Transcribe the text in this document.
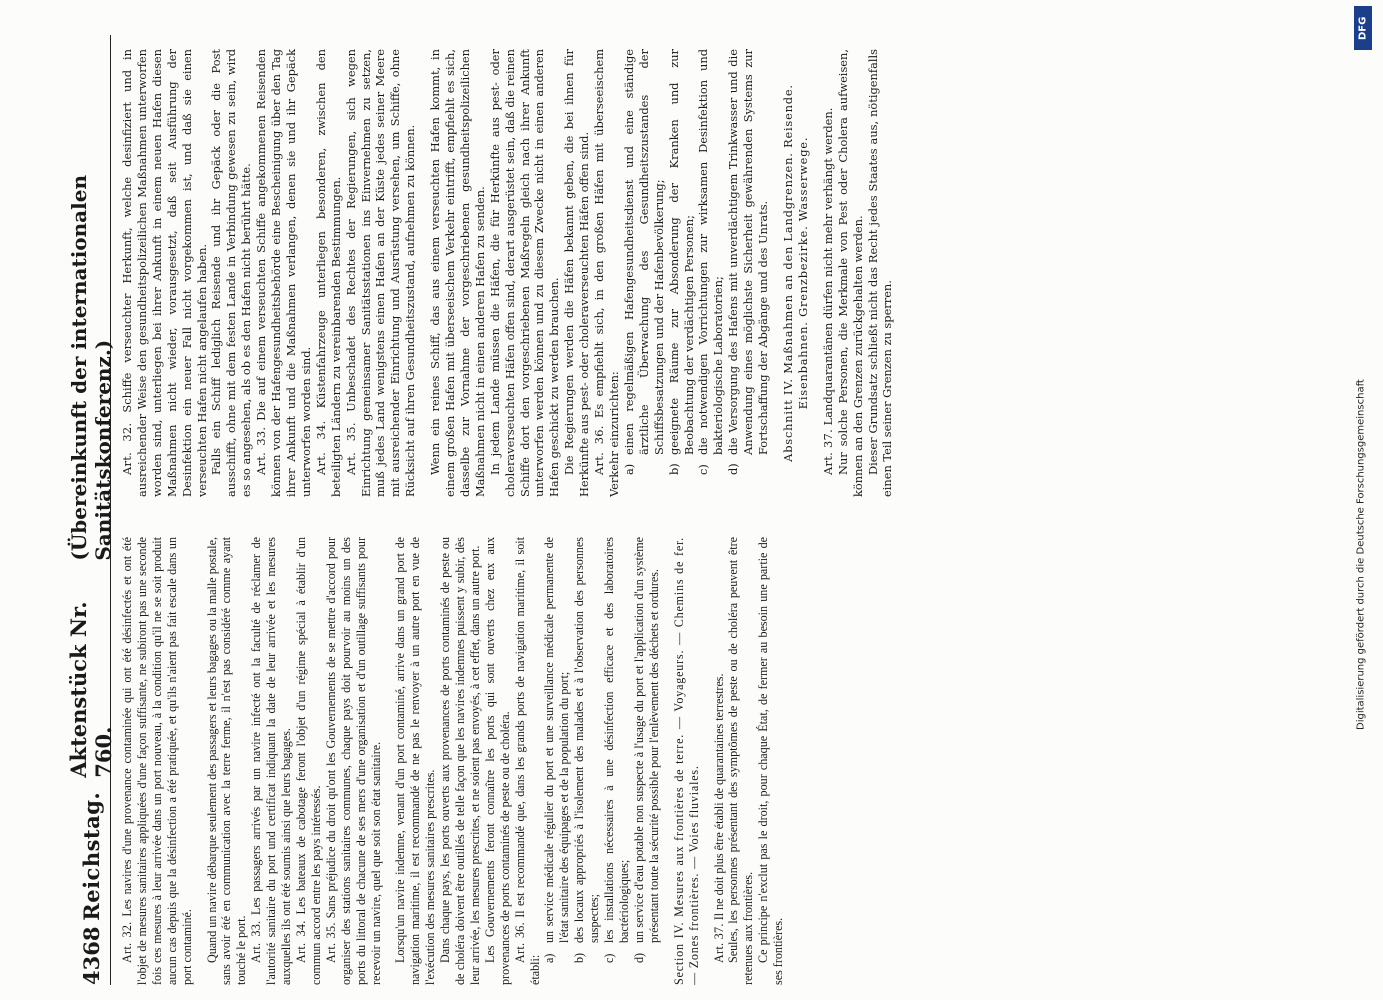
4368
Reichstag.
Aktenstück Nr. 760.
(Übereinkunft der internationalen Sanitätskonferenz.)

Art. 32. Les navires d'une provenance contaminée qui ont été désinfectés et ont été l'objet de mesures sanitaires appliquées d'une façon suffisante, ne subiront pas une seconde fois ces mesures à leur arrivée dans un port nouveau, à la condition qu'il ne se soit produit aucun cas depuis que la désinfection a été pratiquée, et qu'ils n'aient pas fait escale dans un port contaminé. Quand un navire débarque seulement des passagers et leurs bagages ou la malle postale, sans avoir été en communication avec la terre ferme, il n'est pas considéré comme ayant touché le port. Art. 33. Les passagers arrivés par un navire infecté ont la faculté de réclamer de l'autorité sanitaire du port und certificat indiquant la date de leur arrivée et les mesures auxquelles ils ont été soumis ainsi que leurs bagages. Art. 34. Les bateaux de cabotage feront l'objet d'un régime spécial à établir d'un commun accord entre les pays intéressés. Art. 35. Sans préjudice du droit qu'ont les Gouvernements de se mettre d'accord pour organiser des stations sanitaires communes, chaque pays doit pourvoir au moins un des ports du littoral de chacune de ses mers d'une organisation et d'un outillage suffisants pour recevoir un navire, quel que soit son état sanitaire. Lorsqu'un navire indemne, venant d'un port contaminé, arrive dans un grand port de navigation maritime, il est recommandé de ne pas le renvoyer à un autre port en vue de l'exécution des mesures sanitaires prescrites. Dans chaque pays, les ports ouverts aux provenances de ports contaminés de peste ou de choléra doivent être outillés de telle façon que les navires indemnes puissent y subir, dès leur arrivée, les mesures prescrites, et ne soient pas envoyés, à cet effet, dans un autre port. Les Gouvernements feront connaître les ports qui sont ouverts chez eux aux provenances de ports contaminés de peste ou de choléra. Art. 36. Il est recommandé que, dans les grands ports de navigation maritime, il soit établi: a)
un service médicale régulier du port et une surveillance médicale permanente de l'état sanitaire des équipages et de la population du port;
b)
des locaux appropriés à l'isolement des malades et à l'observation des personnes suspectes;
c)
les installations nécessaires à une désinfection efficace et des laboratoires bactériologiques;
d)
un service d'eau potable non suspecte à l'usage du port et l'application d'un système présentant toute la sécurité possible pour l'enlèvement des déchets et ordures. Section IV. Mesures aux frontières de terre. — Voyageurs. — Chemins de fer. — Zones frontières. — Voies fluviales. Art. 37. Il ne doit plus être établi de quarantaines terrestres. Seules, les personnes présentant des symptômes de peste ou de choléra peuvent être retenues aux frontières. Ce principe n'exclut pas le droit, pour chaque État, de fermer au besoin une partie de ses frontières.

Art. 32. Schiffe verseuchter Herkunft, welche desinfiziert und in ausreichender Weise den gesundheitspolizeilichen Maßnahmen unterworfen worden sind, unterliegen bei ihrer Ankunft in einem neuen Hafen diesen Maßnahmen nicht wieder, vorausgesetzt, daß seit Ausführung der Desinfektion ein neuer Fall nicht vorgekommen ist, und daß sie einen verseuchten Hafen nicht angelaufen haben. Falls ein Schiff lediglich Reisende und ihr Gepäck oder die Post ausschifft, ohne mit dem festen Lande in Verbindung gewesen zu sein, wird es so angesehen, als ob es den Hafen nicht berührt hätte. Art. 33. Die auf einem verseuchten Schiffe angekommenen Reisenden können von der Hafengesundheitsbehörde eine Bescheinigung über den Tag ihrer Ankunft und die Maßnahmen verlangen, denen sie und ihr Gepäck unterworfen worden sind. Art. 34. Küstenfahrzeuge unterliegen besonderen, zwischen den beteiligten Ländern zu vereinbarenden Bestimmungen. Art. 35. Unbeschadet des Rechtes der Regierungen, sich wegen Einrichtung gemeinsamer Sanitätsstationen ins Einvernehmen zu setzen, muß jedes Land wenigstens einen Hafen an der Küste jedes seiner Meere mit ausreichender Einrichtung und Ausrüstung versehen, um Schiffe, ohne Rücksicht auf ihren Gesundheitszustand, aufnehmen zu können. Wenn ein reines Schiff, das aus einem verseuchten Hafen kommt, in einem großen Hafen mit überseeischem Verkehr eintrifft, empfiehlt es sich, dasselbe zur Vornahme der vorgeschriebenen gesundheitspolizeilichen Maßnahmen nicht in einen anderen Hafen zu senden. In jedem Lande müssen die Häfen, die für Herkünfte aus pest- oder choleraverseuchten Häfen offen sind, derart ausgerüstet sein, daß die reinen Schiffe dort den vorgeschriebenen Maßregeln gleich nach ihrer Ankunft unterworfen werden können und zu diesem Zwecke nicht in einen anderen Hafen geschickt zu werden brauchen. Die Regierungen werden die Häfen bekannt geben, die bei ihnen für Herkünfte aus pest- oder choleraverseuchten Häfen offen sind. Art. 36. Es empfiehlt sich, in den großen Häfen mit überseeischem Verkehr einzurichten: a)
einen regelmäßigen Hafengesundheitsdienst und eine ständige ärztliche Überwachung des Gesundheitszustandes der Schiffsbesatzungen und der Hafenbevölkerung;
b)
geeignete Räume zur Absonderung der Kranken und zur Beobachtung der verdächtigen Personen;
c)
die notwendigen Vorrichtungen zur wirksamen Desinfektion und bakteriologische Laboratorien;
d)
die Versorgung des Hafens mit unverdächtigem Trinkwasser und die Anwendung eines möglichste Sicherheit gewährenden Systems zur Fortschaffung der Abgänge und des Unrats. Abschnitt IV. Maßnahmen an den Landgrenzen. Reisende. Eisenbahnen. Grenzbezirke. Wasserwege.

Art. 37. Landquarantänen dürfen nicht mehr verhängt werden. Nur solche Personen, die Merkmale von Pest oder Cholera aufweisen, können an den Grenzen zurückgehalten werden. Dieser Grundsatz schließt nicht das Recht jedes Staates aus, nötigenfalls einen Teil seiner Grenzen zu sperren.

DFG
Digitalisierung gefördert durch die Deutsche Forschungsgemeinschaft
